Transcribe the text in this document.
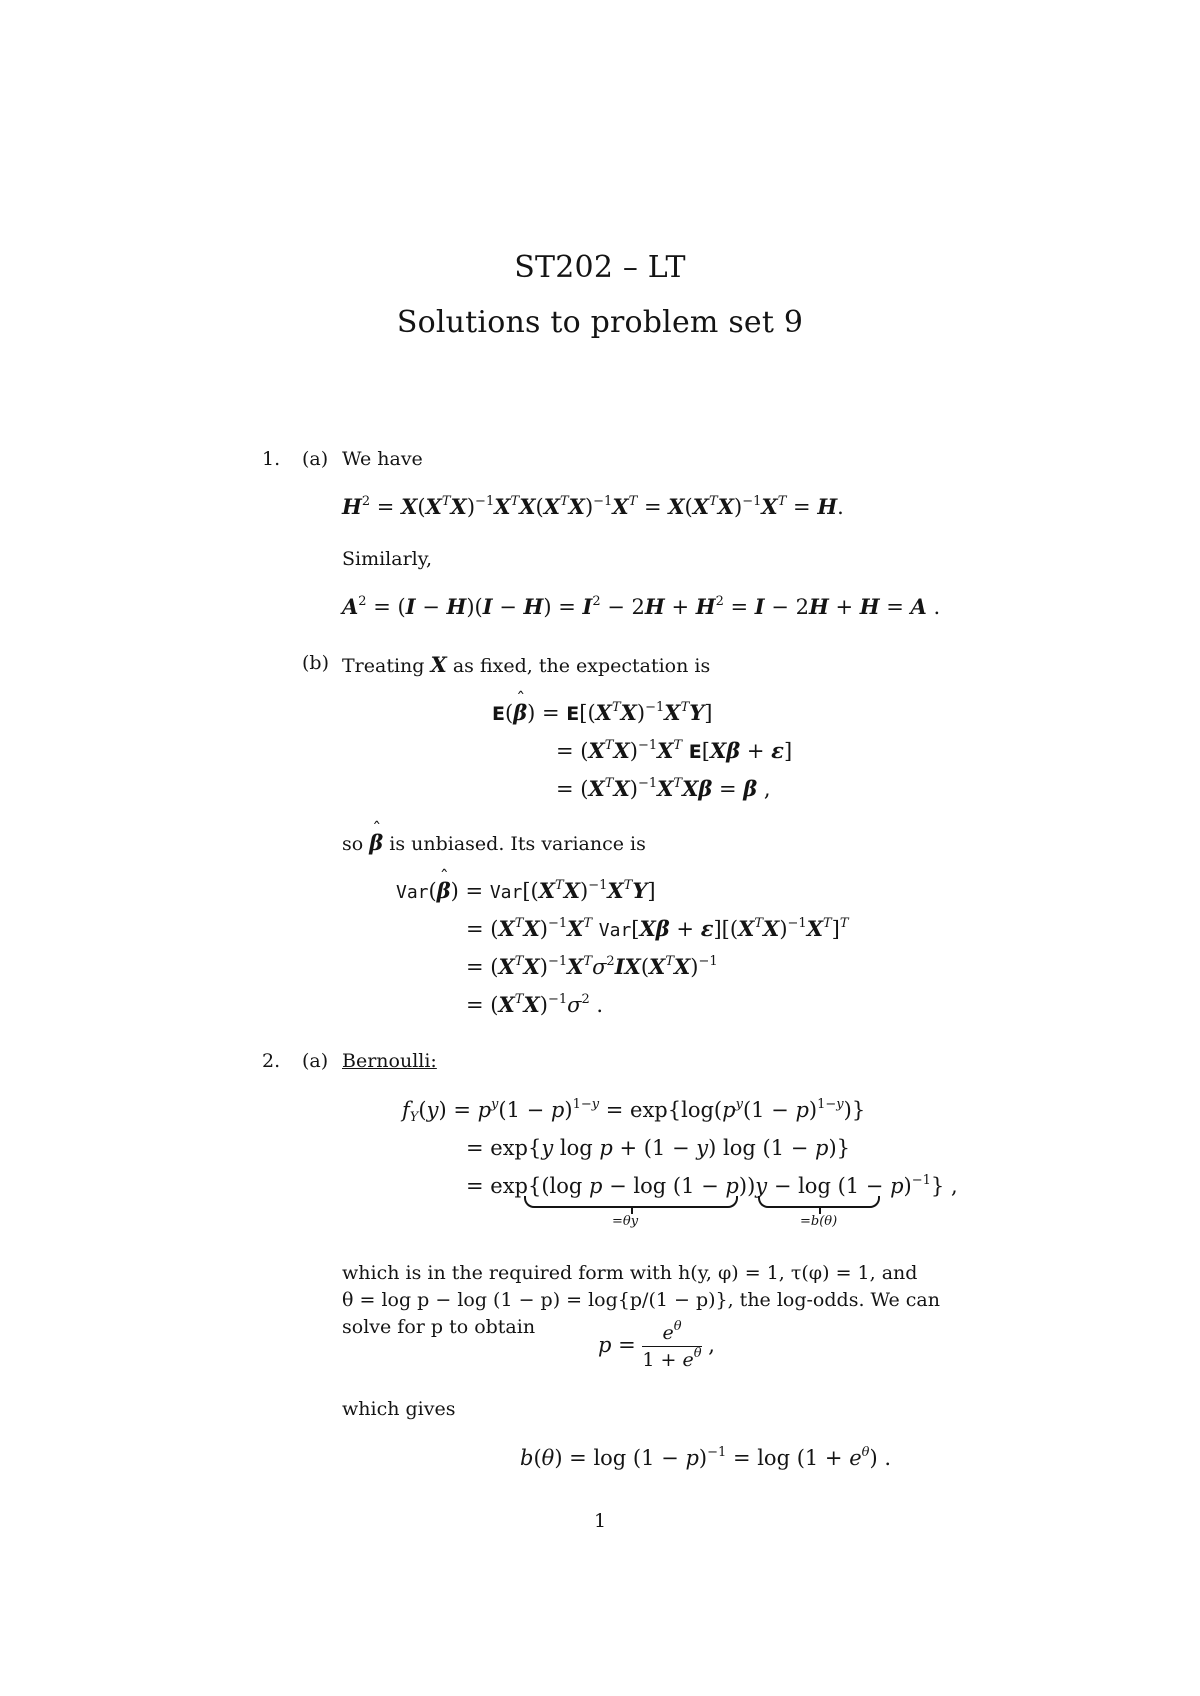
ST202 – LT
Solutions to problem set 9
1. (a) We have
$H^2 = X(X^TX)^{-1}X^TX(X^TX)^{-1}X^T = X(X^TX)^{-1}X^T = H$.
Similarly,
$A^2 = (I - H)(I - H) = I^2 - 2H + H^2 = I - 2H + H = A$ .
(b) Treating X as fixed, the expectation is
E(β ˆ) = $E[(X^TX)^{-1}X^TY]$
= $(X^TX)^{-1}X^T$ E[Xβ + ε]
= $(X^TX)^{-1}X^TX\beta = \beta$ ,
so β ˆ is unbiased. Its variance is
Var(β ˆ) = $Var[(X^TX)^{-1}X^TY]$
= $(X^TX)^{-1}X^T$ $Var[X\beta + \varepsilon][(X^TX)^{-1}X^T]^T$
= $(X^TX)^{-1}X^T\sigma^2IX(X^TX)^{-1}$
= $(X^TX)^{-1}\sigma^2$ .
2. (a) Bernoulli:
$f_Y(y) = p^y(1 - p)^{1-y} = \exp\{\log(p^y(1 - p)^{1-y})\}$
= exp{y log p + (1 − y) log (1 − p)}
= exp{(log $p - \log (1 - p))y - \log (1 - p)^{-1}$} ,
=θy	=b(θ)
which is in the required form with h(y, φ) = 1, τ(φ) = 1, and
θ = log p − log (1 − p) = log{p/(1 − p)}, the log-odds. We can
solve for p to obtain
$p = \frac{e^\theta}{1 + e^\theta}$ ,
which gives
$b(\theta) = \log (1 - p)^{-1} = \log (1 + e^\theta)$ .
1
